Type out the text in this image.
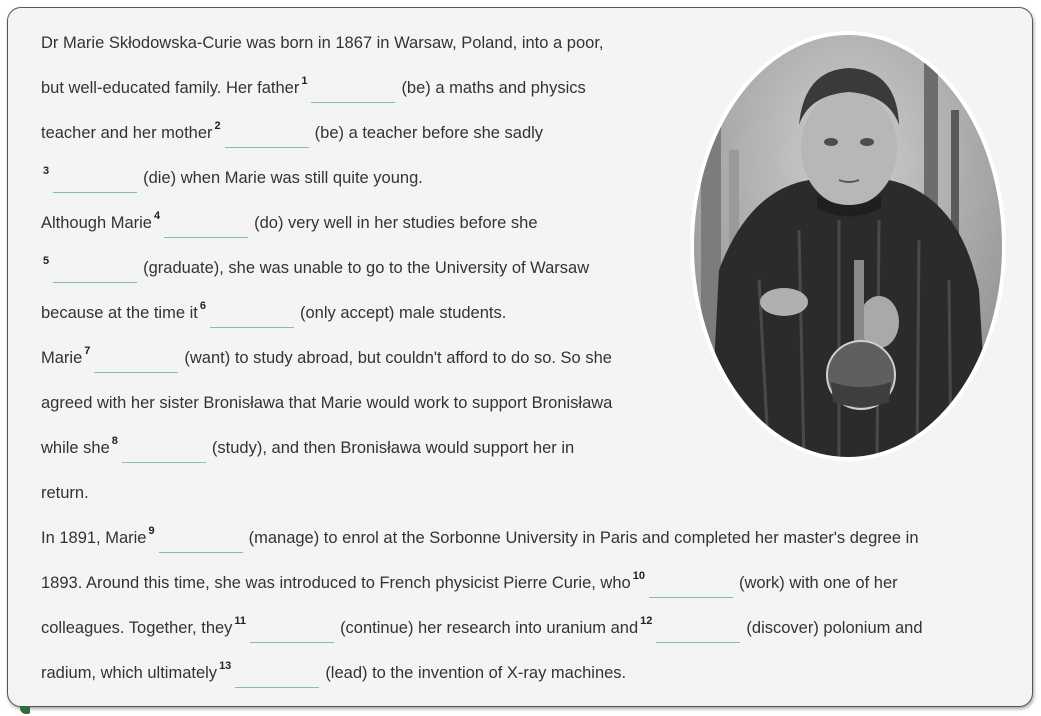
Dr Marie Skłodowska-Curie was born in 1867 in Warsaw, Poland, into a poor,
but well-educated family. Her father $^1$	(be) a maths and physics
teacher and her mother $^2$	(be) a teacher before she sadly
$^3$	(die) when Marie was still quite young.
Although Marie $^4$	(do) very well in her studies before she
$^5$	(graduate), she was unable to go to the University of Warsaw
because at the time it $^6$	(only accept) male students.
Marie $^7$	(want) to study abroad, but couldn't afford to do so. So she
agreed with her sister Bronisława that Marie would work to support Bronisława
while she $^8$	(study), and then Bronisława would support her in
return.
In 1891, Marie $^9$	(manage) to enrol at the Sorbonne University in Paris and completed her master's degree in
1893. Around this time, she was introduced to French physicist Pierre Curie, who $^{10}$	(work) with one of her
colleagues. Together, they $^{11}$	(continue) her research into uranium and $^{12}$	(discover) polonium and
radium, which ultimately $^{13}$	(lead) to the invention of X-ray machines.
